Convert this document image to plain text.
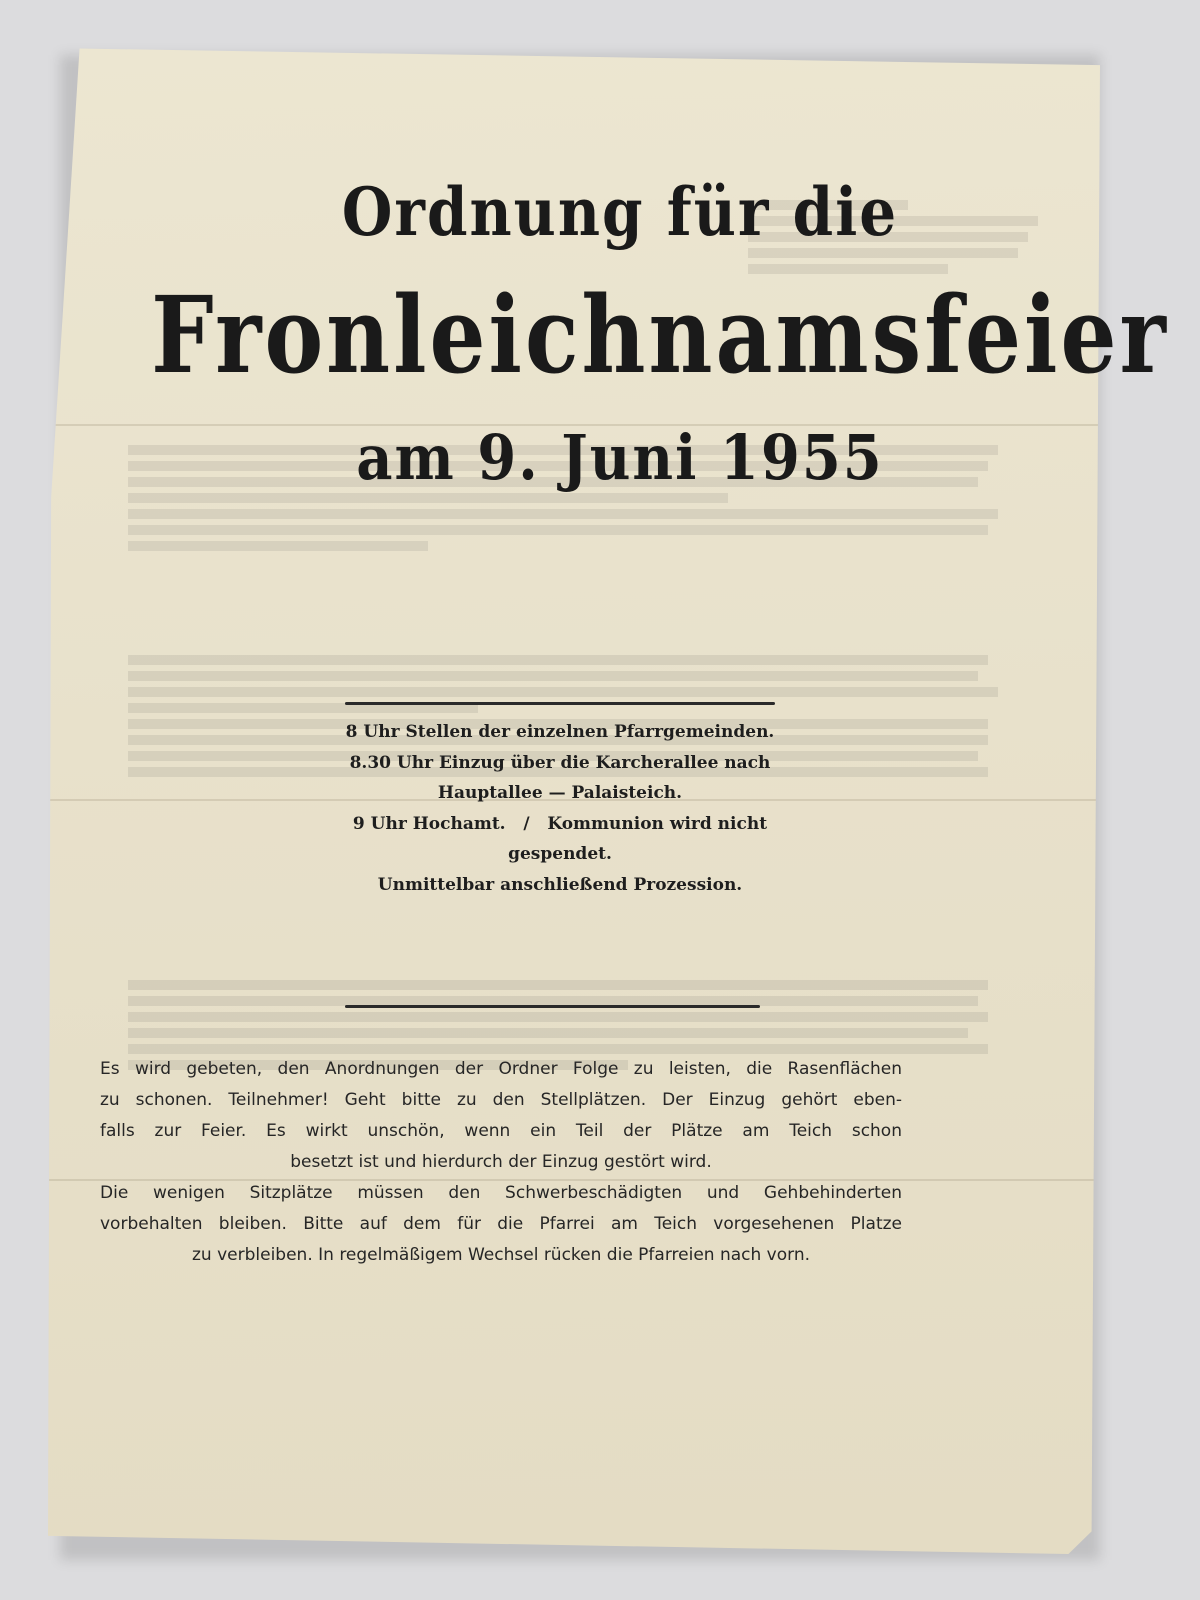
Ordnung für die
Fronleichnamsfeier
am 9. Juni 1955
8 Uhr Stellen der einzelnen Pfarrgemeinden.
8.30 Uhr Einzug über die Karcherallee nach
Hauptallee — Palaisteich.
9 Uhr Hochamt.   /   Kommunion wird nicht
gespendet.
Unmittelbar anschließend Prozession.
Es wird gebeten, den Anordnungen der Ordner Folge zu leisten, die Rasenflächen
zu schonen. Teilnehmer! Geht bitte zu den Stellplätzen. Der Einzug gehört eben-
falls zur Feier. Es wirkt unschön, wenn ein Teil der Plätze am Teich schon
besetzt ist und hierdurch der Einzug gestört wird.
Die wenigen Sitzplätze müssen den Schwerbeschädigten und Gehbehinderten
vorbehalten bleiben. Bitte auf dem für die Pfarrei am Teich vorgesehenen Platze
zu verbleiben. In regelmäßigem Wechsel rücken die Pfarreien nach vorn.
